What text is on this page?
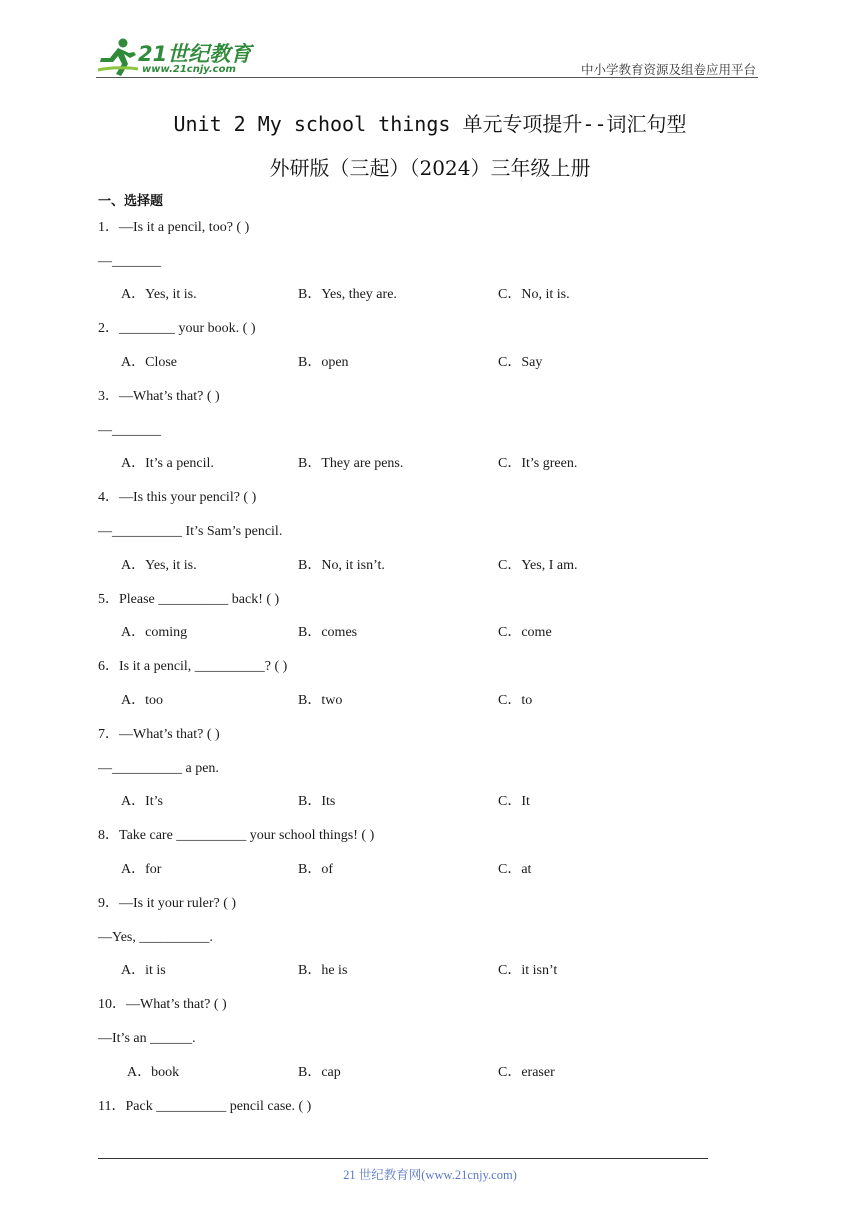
21世纪教育
www.21cnjy.com	中小学教育资源及组卷应用平台
Unit 2 My school things 单元专项提升--词汇句型
外研版（三起）（2024）三年级上册
一、选择题
1．—Is it a pencil, too? ( )
—_______
A．Yes, it is.	B．Yes, they are.	C．No, it is.
2．________ your book. ( )
A．Close	B．open	C．Say
3．—What’s that? ( )
—_______
A．It’s a pencil.	B．They are pens.	C．It’s green.
4．—Is this your pencil? ( )
—__________ It’s Sam’s pencil.
A．Yes, it is.	B．No, it isn’t.	C．Yes, I am.
5．Please __________ back! ( )
A．coming	B．comes	C．come
6．Is it a pencil, __________? ( )
A．too	B．two	C．to
7．—What’s that? ( )
—__________ a pen.
A．It’s	B．Its	C．It
8．Take care __________ your school things! ( )
A．for	B．of	C．at
9．—Is it your ruler? ( )
—Yes, __________.
A．it is	B．he is	C．it isn’t
10．—What’s that? ( )
—It’s an ______.
A．book	B．cap	C．eraser
11．Pack __________ pencil case. ( )
21 世纪教育网(www.21cnjy.com)
